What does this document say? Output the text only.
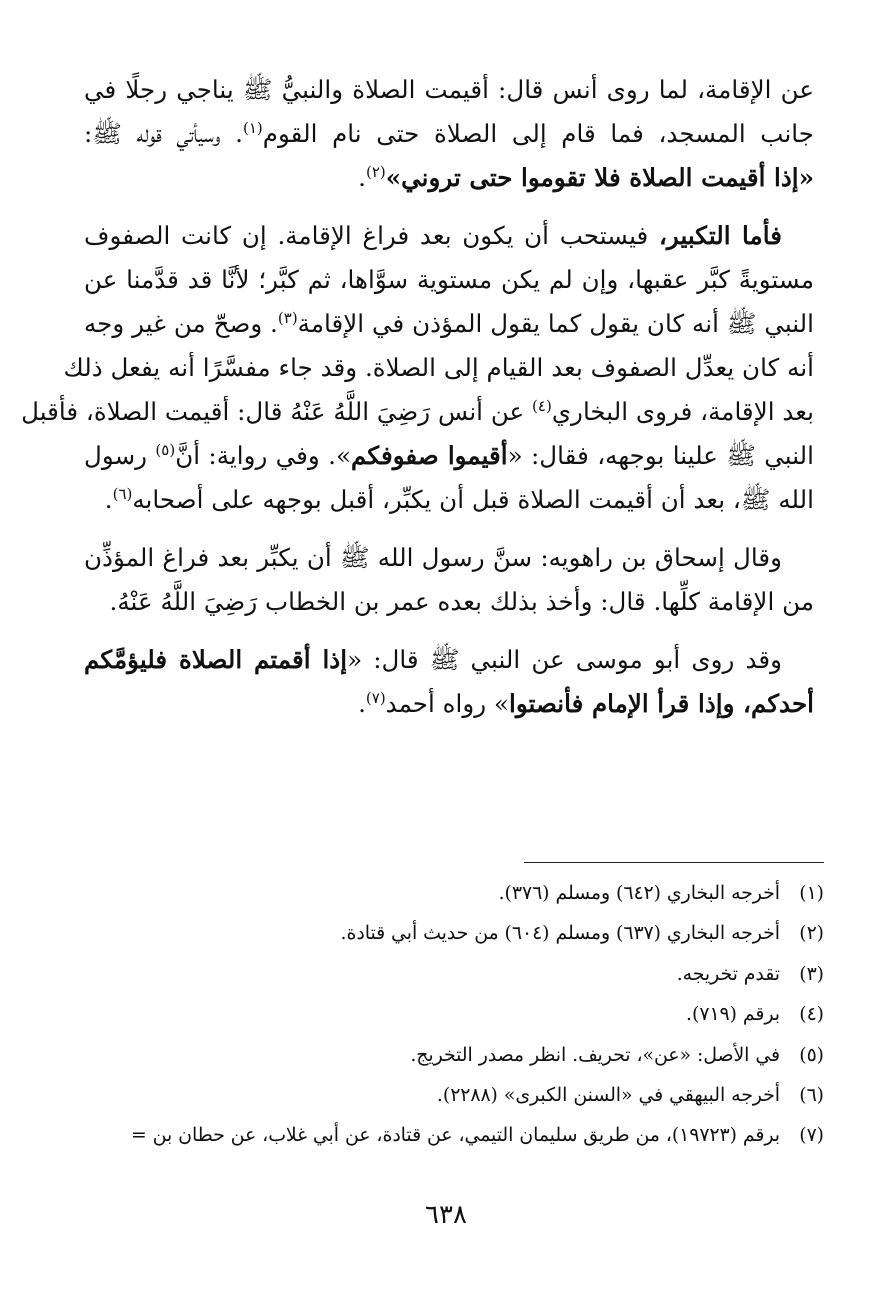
عن الإقامة، لما روى أنس قال: أقيمت الصلاة والنبيُّ ﷺ يناجي رجلًا في
جانب المسجد، فما قام إلى الصلاة حتى نام القوم$^{(١)}$. وسيأتي قوله ﷺ:
«إذا أقيمت الصلاة فلا تقوموا حتى تروني»$^{(٢)}$.
فأما التكبير، فيستحب أن يكون بعد فراغ الإقامة. إن كانت الصفوف
مستويةً كبَّر عقبها، وإن لم يكن مستوية سوَّاها، ثم كبَّر؛ لأنَّا قد قدَّمنا عن
النبي ﷺ أنه كان يقول كما يقول المؤذن في الإقامة$^{(٣)}$. وصحّ من غير وجه
أنه كان يعدِّل الصفوف بعد القيام إلى الصلاة. وقد جاء مفسَّرًا أنه يفعل ذلك
بعد الإقامة، فروى البخاري$^{(٤)}$ عن أنس رَضِيَ اللَّهُ عَنْهُ قال: أقيمت الصلاة، فأقبل
النبي ﷺ علينا بوجهه، فقال: «أقيموا صفوفكم». وفي رواية: أنَّ$^{(٥)}$ رسول
الله ﷺ، بعد أن أقيمت الصلاة قبل أن يكبِّر، أقبل بوجهه على أصحابه$^{(٦)}$.
وقال إسحاق بن راهويه: سنَّ رسول الله ﷺ أن يكبِّر بعد فراغ المؤذِّن
من الإقامة كلِّها. قال: وأخذ بذلك بعده عمر بن الخطاب رَضِيَ اللَّهُ عَنْهُ.
وقد روى أبو موسى عن النبي ﷺ قال: «إذا أقمتم الصلاة فليؤمَّكم
أحدكم، وإذا قرأ الإمام فأنصتوا» رواه أحمد$^{(٧)}$.
(١)أخرجه البخاري (٦٤٢) ومسلم (٣٧٦).
(٢)أخرجه البخاري (٦٣٧) ومسلم (٦٠٤) من حديث أبي قتادة.
(٣)تقدم تخريجه.
(٤)برقم (٧١٩).
(٥)في الأصل: «عن»، تحريف. انظر مصدر التخريج.
(٦)أخرجه البيهقي في «السنن الكبرى» (٢٢٨٨).
(٧)برقم (١٩٧٢٣)، من طريق سليمان التيمي، عن قتادة، عن أبي غلاب، عن حطان بن =
٦٣٨
